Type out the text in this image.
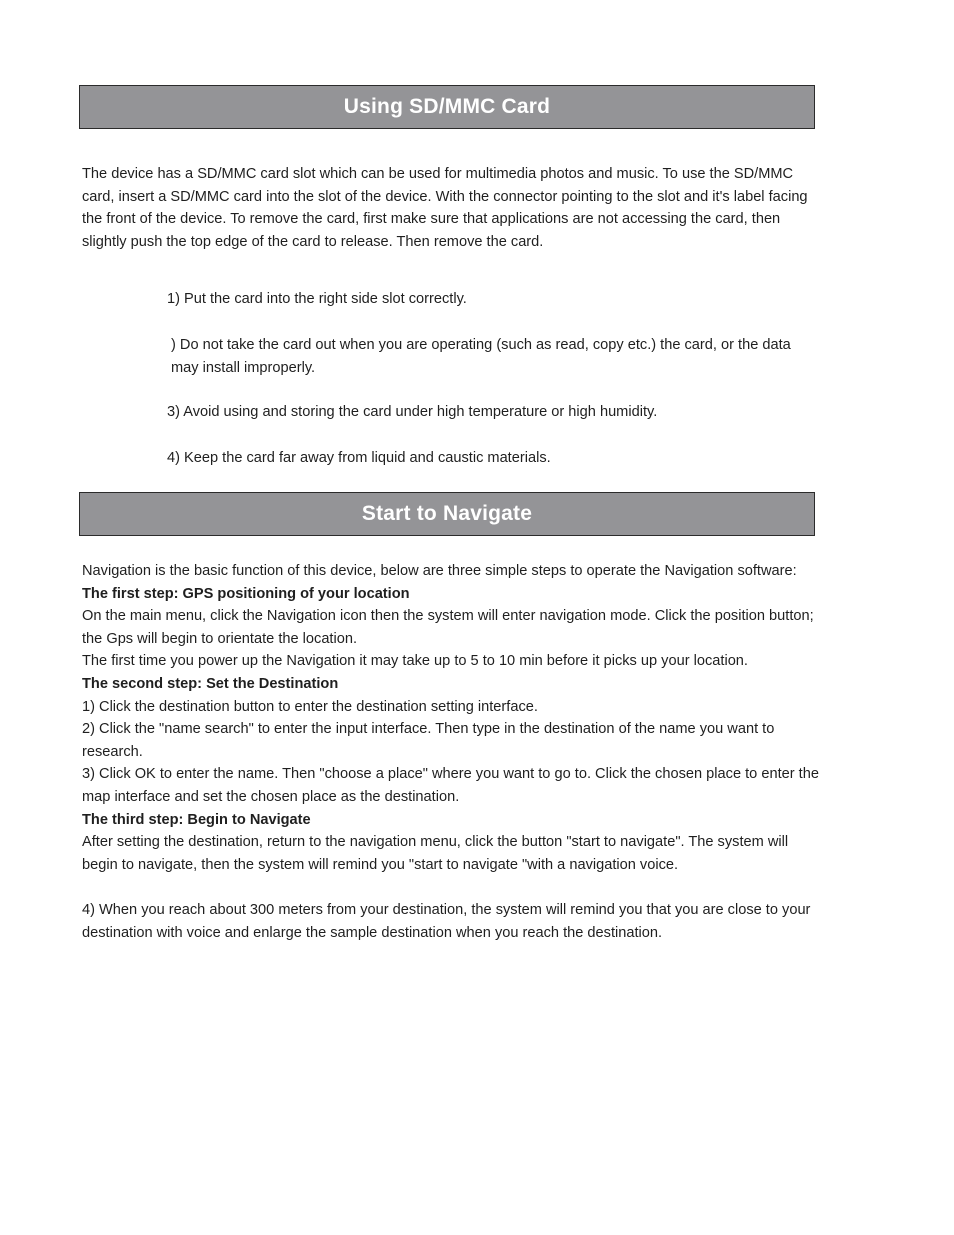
Using SD/MMC Card

The device has a SD/MMC card slot which can be used for multimedia photos and music. To use the SD/MMC card, insert a SD/MMC card into the slot of the device. With the connector pointing to the slot and it's label facing the front of the device. To remove the card, first make sure that applications are not accessing the card, then slightly push the top edge of the card to release. Then remove the card.

1) Put the card into the right side slot correctly.

) Do not take the card out when you are operating (such as read, copy etc.) the card, or the data may install improperly.

3) Avoid using and storing the card under high temperature or high humidity.

4) Keep the card far away from liquid and caustic materials.

Start to Navigate

Navigation is the basic function of this device, below are three simple steps to operate the Navigation software:

The first step: GPS positioning of your location

On the main menu, click the Navigation icon then the system will enter navigation mode. Click the position button; the Gps will begin to orientate the location.

The first time you power up the Navigation it may take up to 5 to 10 min before it picks up your location.

The second step: Set the Destination

1) Click the destination button to enter the destination setting interface.

2) Click the "name search" to enter the input interface. Then type in the destination of the name you want to research.

3) Click OK to enter the name. Then "choose a place" where you want to go to. Click the chosen place to enter the map interface and set the chosen place as the destination.

The third step: Begin to Navigate

After setting the destination, return to the navigation menu, click the button "start to navigate". The system will begin to navigate, then the system will remind you "start to navigate "with a navigation voice.

4) When you reach about 300 meters from your destination, the system will remind you that you are close to your destination with voice and enlarge the sample destination when you reach the destination.
